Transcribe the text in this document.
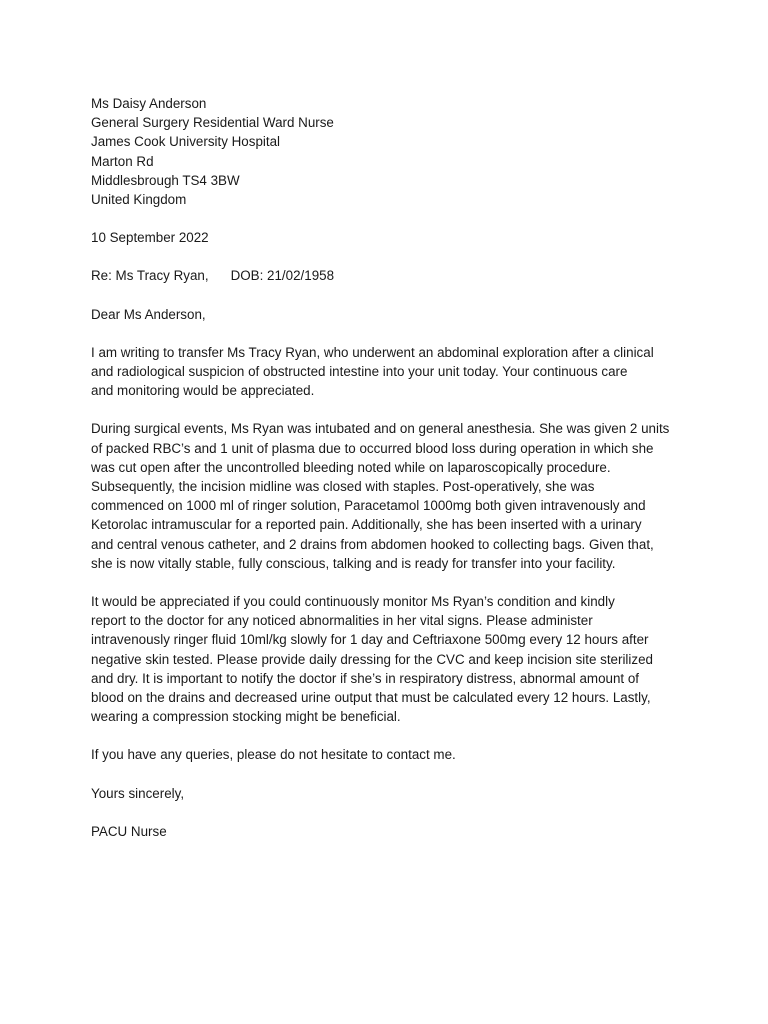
Ms Daisy Anderson
General Surgery Residential Ward Nurse
James Cook University Hospital
Marton Rd
Middlesbrough TS4 3BW
United Kingdom
10 September 2022
Re: Ms Tracy Ryan, DOB: 21/02/1958
Dear Ms Anderson,
I am writing to transfer Ms Tracy Ryan, who underwent an abdominal exploration after a clinical
and radiological suspicion of obstructed intestine into your unit today. Your continuous care
and monitoring would be appreciated.
During surgical events, Ms Ryan was intubated and on general anesthesia. She was given 2 units
of packed RBC’s and 1 unit of plasma due to occurred blood loss during operation in which she
was cut open after the uncontrolled bleeding noted while on laparoscopically procedure.
Subsequently, the incision midline was closed with staples. Post-operatively, she was
commenced on 1000 ml of ringer solution, Paracetamol 1000mg both given intravenously and
Ketorolac intramuscular for a reported pain. Additionally, she has been inserted with a urinary
and central venous catheter, and 2 drains from abdomen hooked to collecting bags. Given that,
she is now vitally stable, fully conscious, talking and is ready for transfer into your facility.
It would be appreciated if you could continuously monitor Ms Ryan’s condition and kindly
report to the doctor for any noticed abnormalities in her vital signs. Please administer
intravenously ringer fluid 10ml/kg slowly for 1 day and Ceftriaxone 500mg every 12 hours after
negative skin tested. Please provide daily dressing for the CVC and keep incision site sterilized
and dry. It is important to notify the doctor if she’s in respiratory distress, abnormal amount of
blood on the drains and decreased urine output that must be calculated every 12 hours. Lastly,
wearing a compression stocking might be beneficial.
If you have any queries, please do not hesitate to contact me.
Yours sincerely,
PACU Nurse
